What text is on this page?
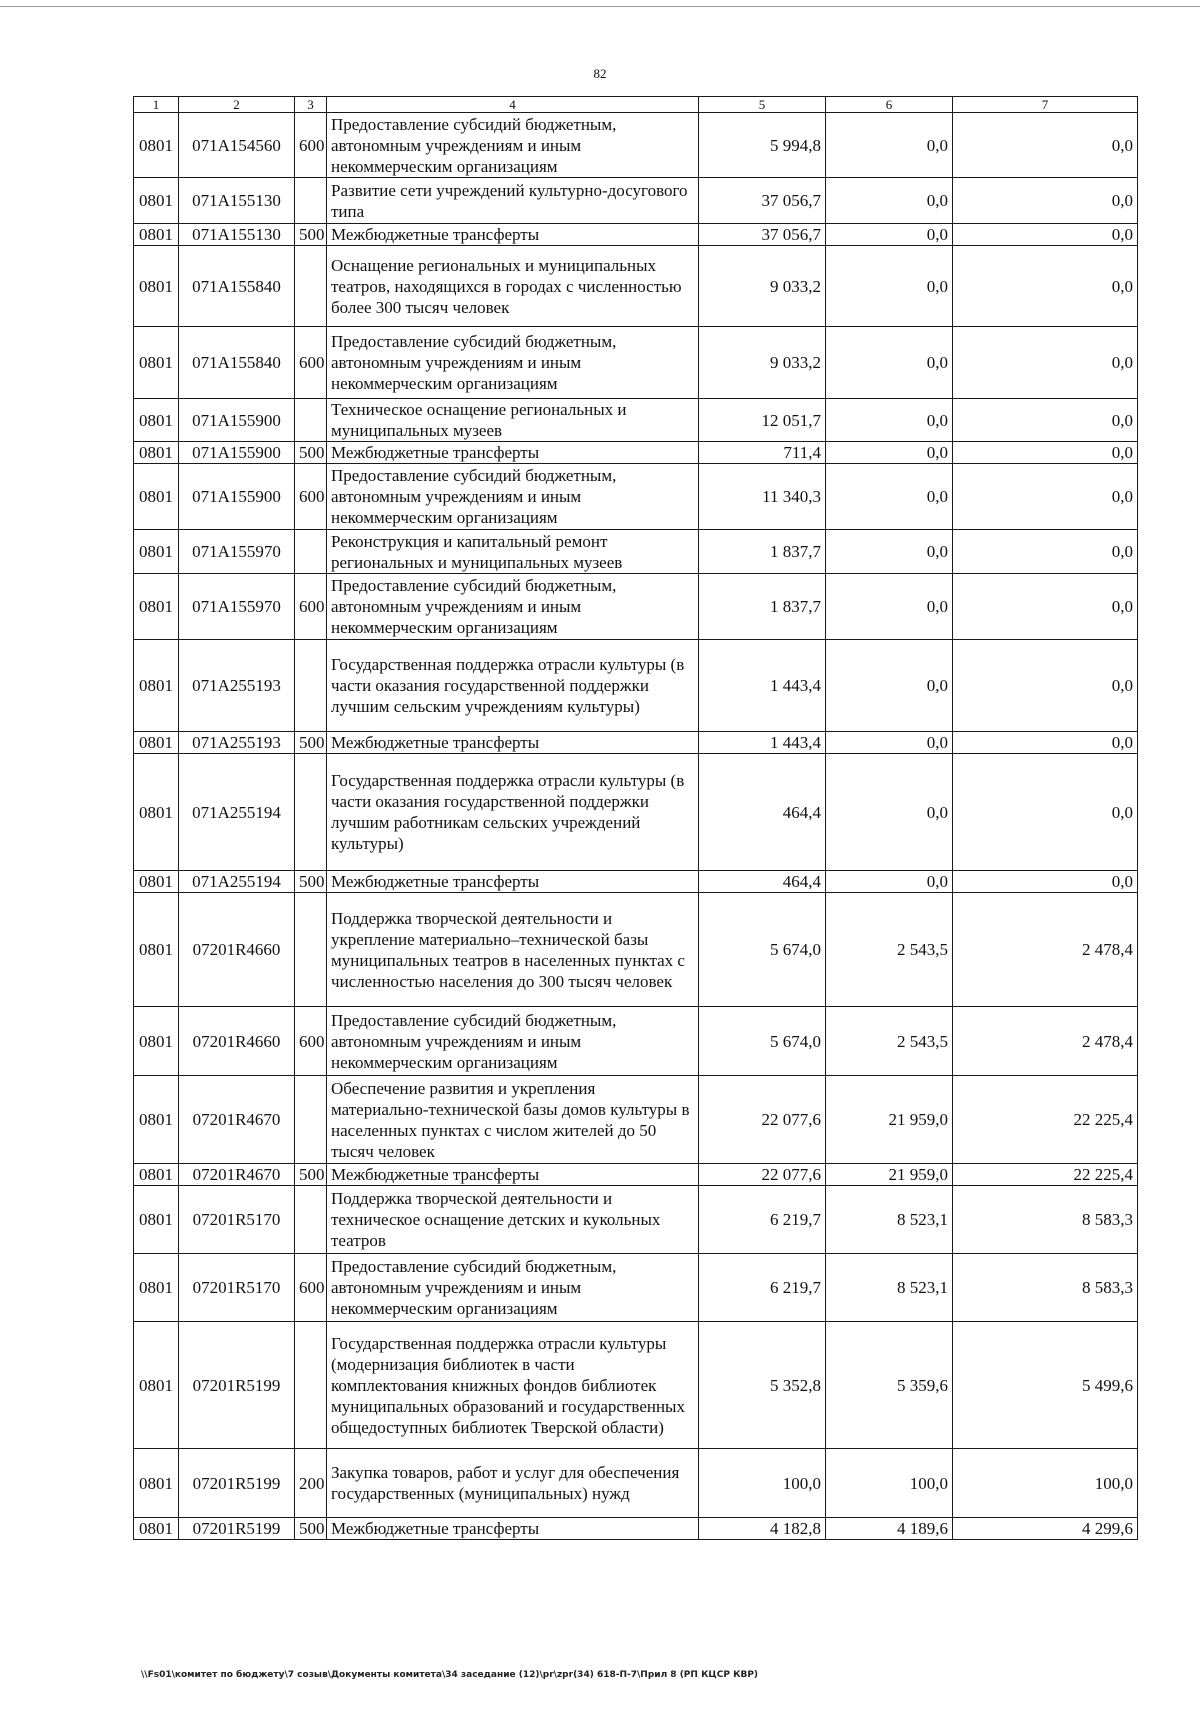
82
1	2	3	4	5	6	7
0801	071A154560	600	Предоставление субсидий бюджетным, автономным учреждениям и иным некоммерческим организациям	5 994,8	0,0	0,0
0801	071A155130		Развитие сети учреждений культурно-досугового типа	37 056,7	0,0	0,0
0801	071A155130	500	Межбюджетные трансферты	37 056,7	0,0	0,0
0801	071A155840		Оснащение региональных и муниципальных театров, находящихся в городах с численностью более 300 тысяч человек	9 033,2	0,0	0,0
0801	071A155840	600	Предоставление субсидий бюджетным, автономным учреждениям и иным некоммерческим организациям	9 033,2	0,0	0,0
0801	071A155900		Техническое оснащение региональных и муниципальных музеев	12 051,7	0,0	0,0
0801	071A155900	500	Межбюджетные трансферты	711,4	0,0	0,0
0801	071A155900	600	Предоставление субсидий бюджетным, автономным учреждениям и иным некоммерческим организациям	11 340,3	0,0	0,0
0801	071A155970		Реконструкция и капитальный ремонт региональных и муниципальных музеев	1 837,7	0,0	0,0
0801	071A155970	600	Предоставление субсидий бюджетным, автономным учреждениям и иным некоммерческим организациям	1 837,7	0,0	0,0
0801	071A255193		Государственная поддержка отрасли культуры (в части оказания государственной поддержки лучшим сельским учреждениям культуры)	1 443,4	0,0	0,0
0801	071A255193	500	Межбюджетные трансферты	1 443,4	0,0	0,0
0801	071A255194		Государственная поддержка отрасли культуры (в части оказания государственной поддержки лучшим работникам сельских учреждений культуры)	464,4	0,0	0,0
0801	071A255194	500	Межбюджетные трансферты	464,4	0,0	0,0
0801	07201R4660		Поддержка творческой деятельности и укрепление материально–технической базы муниципальных театров в населенных пунктах с численностью населения до 300 тысяч человек	5 674,0	2 543,5	2 478,4
0801	07201R4660	600	Предоставление субсидий бюджетным, автономным учреждениям и иным некоммерческим организациям	5 674,0	2 543,5	2 478,4
0801	07201R4670		Обеспечение развития и укрепления материально-технической базы домов культуры в населенных пунктах с числом жителей до 50 тысяч человек	22 077,6	21 959,0	22 225,4
0801	07201R4670	500	Межбюджетные трансферты	22 077,6	21 959,0	22 225,4
0801	07201R5170		Поддержка творческой деятельности и техническое оснащение детских и кукольных театров	6 219,7	8 523,1	8 583,3
0801	07201R5170	600	Предоставление субсидий бюджетным, автономным учреждениям и иным некоммерческим организациям	6 219,7	8 523,1	8 583,3
0801	07201R5199		Государственная поддержка отрасли культуры (модернизация библиотек в части комплектования книжных фондов библиотек муниципальных образований и государственных общедоступных библиотек Тверской области)	5 352,8	5 359,6	5 499,6
0801	07201R5199	200	Закупка товаров, работ и услуг для обеспечения государственных (муниципальных) нужд	100,0	100,0	100,0
0801	07201R5199	500	Межбюджетные трансферты	4 182,8	4 189,6	4 299,6
\\Fs01\комитет по бюджету\7 созыв\Документы комитета\34 заседание (12)\pr\zpr(34) 618-П-7\Прил 8 (РП КЦСР КВР)
